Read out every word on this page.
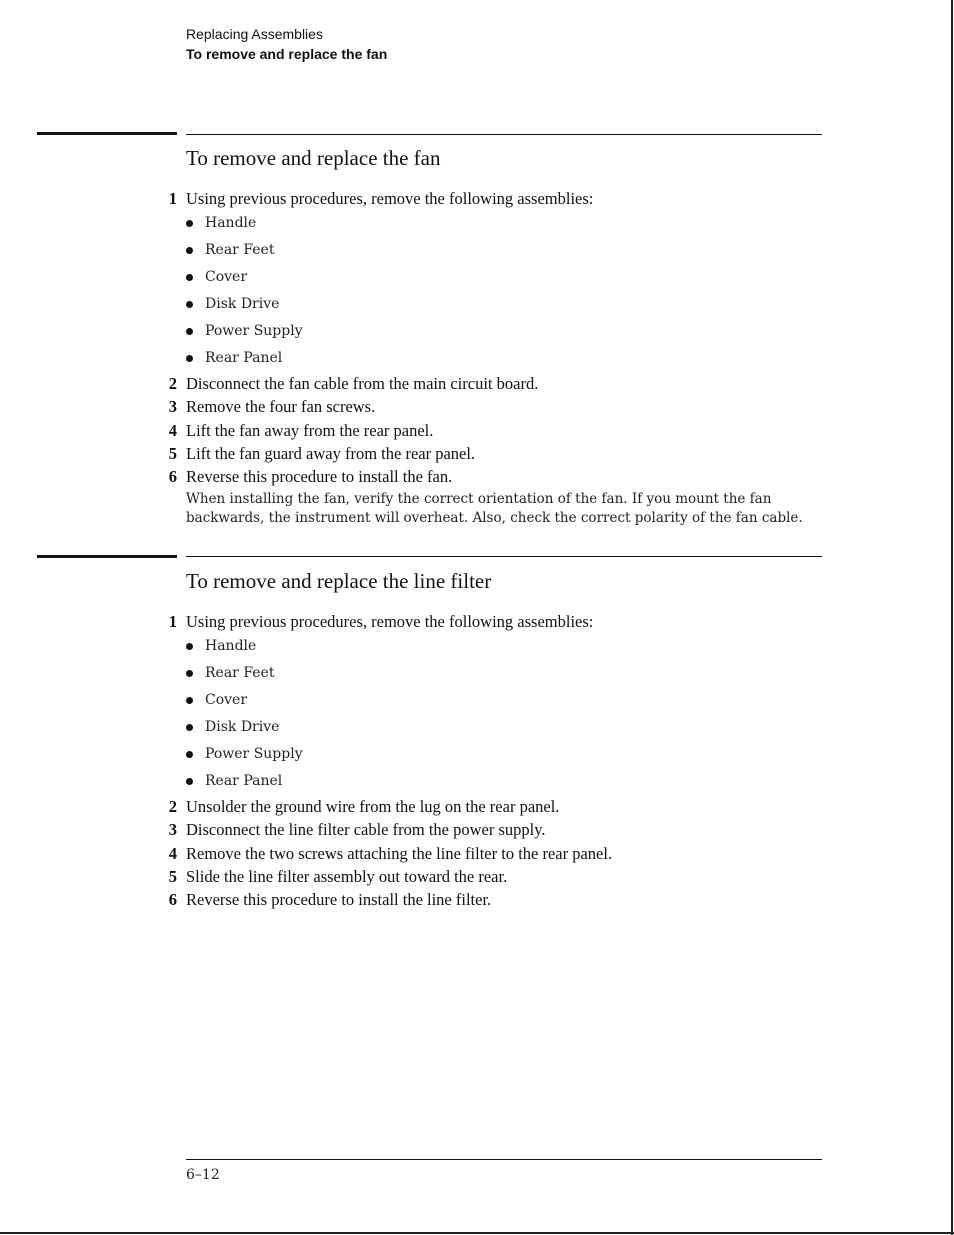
Replacing Assemblies
To remove and replace the fan
To remove and replace the fan
1 Using previous procedures, remove the following assemblies:
Handle
Rear Feet
Cover
Disk Drive
Power Supply
Rear Panel
2 Disconnect the fan cable from the main circuit board.
3 Remove the four fan screws.
4 Lift the fan away from the rear panel.
5 Lift the fan guard away from the rear panel.
6 Reverse this procedure to install the fan.

When installing the fan, verify the correct orientation of the fan. If you mount the fan backwards, the instrument will overheat. Also, check the correct polarity of the fan cable.

To remove and replace the line filter
1 Using previous procedures, remove the following assemblies:
Handle
Rear Feet
Cover
Disk Drive
Power Supply
Rear Panel
2 Unsolder the ground wire from the lug on the rear panel.
3 Disconnect the line filter cable from the power supply.
4 Remove the two screws attaching the line filter to the rear panel.
5 Slide the line filter assembly out toward the rear.
6 Reverse this procedure to install the line filter.
6–12
